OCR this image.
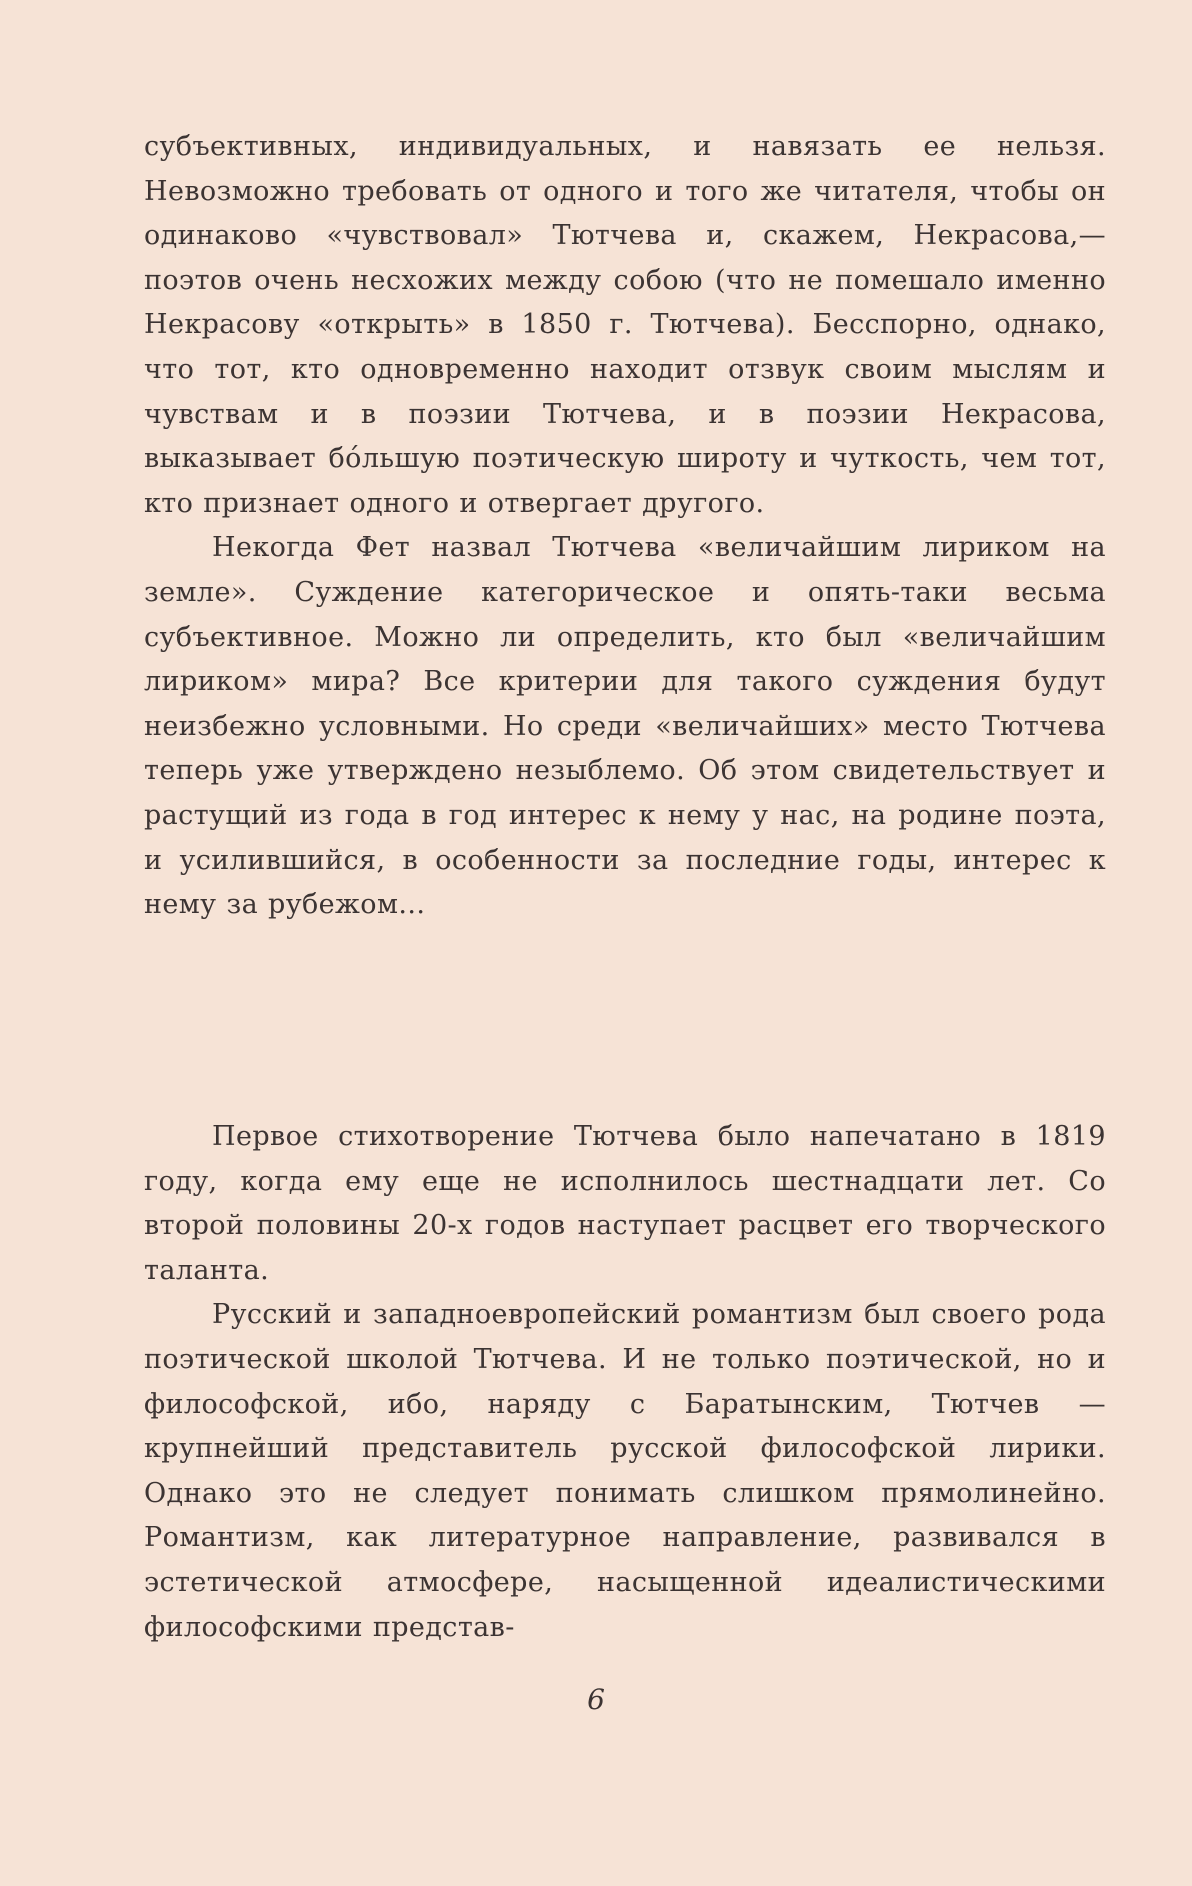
субъективных, индивидуальных, и навязать ее нельзя. Невозможно требовать от одного и того же читателя, чтобы он одинаково «чувствовал» Тютчева и, скажем, Некрасова,— поэтов очень несхожих между собою (что не помешало именно Некрасову «открыть» в 1850 г. Тютчева). Бесспорно, однако, что тот, кто одновременно находит отзвук своим мыслям и чувствам и в поэзии Тютчева, и в поэзии Некрасова, выказывает бо́льшую поэтическую широту и чуткость, чем тот, кто признает одного и отвергает другого.

Некогда Фет назвал Тютчева «величайшим лириком на земле». Суждение категорическое и опять-таки весьма субъективное. Можно ли определить, кто был «величайшим лириком» мира? Все критерии для такого суждения будут неизбежно условными. Но среди «величайших» место Тютчева теперь уже утверждено незыблемо. Об этом свидетельствует и растущий из года в год интерес к нему у нас, на родине поэта, и усилившийся, в особенности за последние годы, интерес к нему за рубежом...

Первое стихотворение Тютчева было напечатано в 1819 году, когда ему еще не исполнилось шестнадцати лет. Со второй половины 20-х годов наступает расцвет его творческого таланта.

Русский и западноевропейский романтизм был своего рода поэтической школой Тютчева. И не только поэтической, но и философской, ибо, наряду с Баратынским, Тютчев — крупнейший представитель русской философской лирики. Однако это не следует понимать слишком прямолинейно. Романтизм, как литературное направление, развивался в эстетической атмосфере, насыщенной идеалистическими философскими представ-

6
